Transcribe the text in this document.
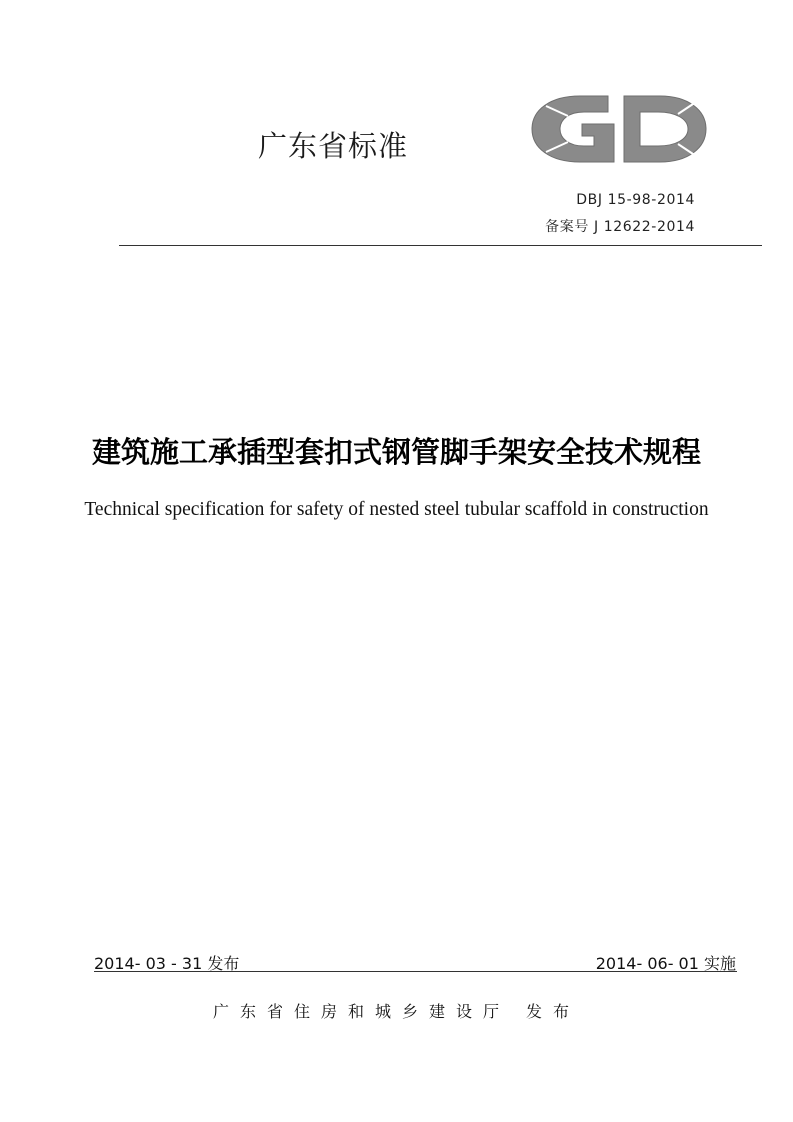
广东省标准
DBJ 15-98-2014
备案号 J 12622-2014
建筑施工承插型套扣式钢管脚手架安全技术规程
Technical specification for safety of nested steel tubular scaffold in construction
2014- 03 - 31 发布	2014- 06- 01 实施
广东省住房和城乡建设厅 发布
